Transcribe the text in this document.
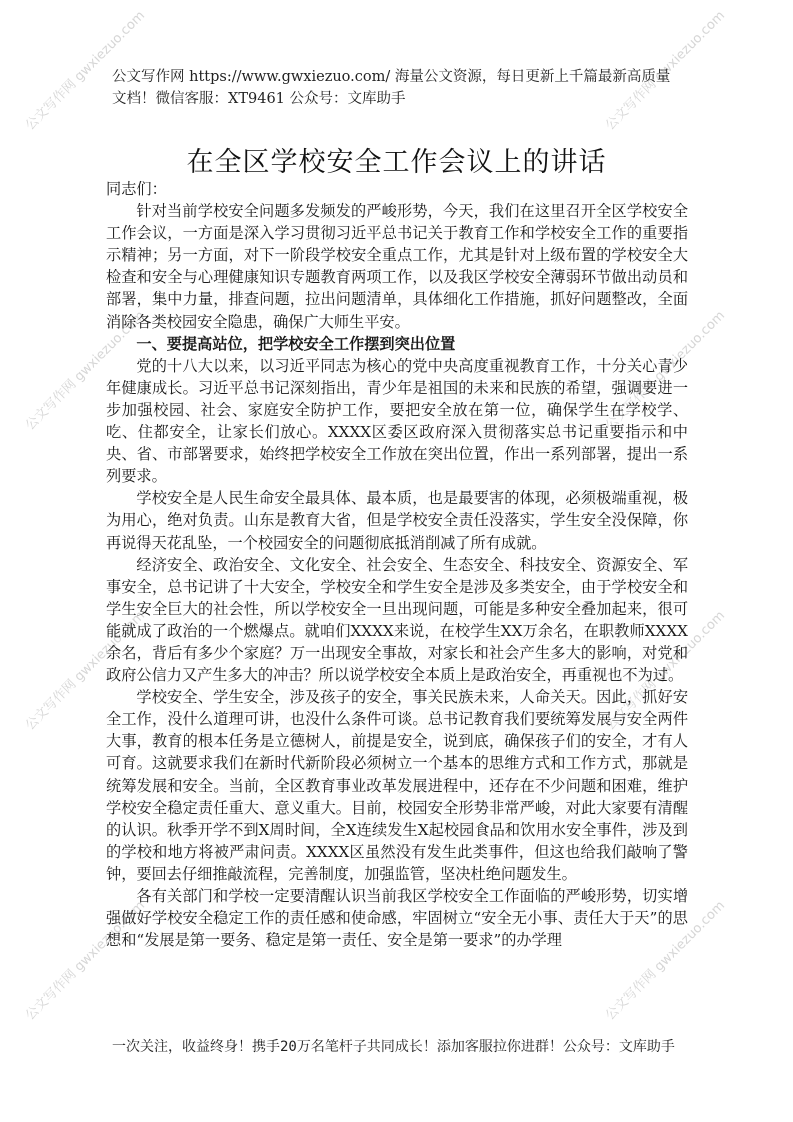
公文写作网 gwxiezuo.com	公文写作网 gwxiezuo.com
公文写作网 gwxiezuo.com	公文写作网 gwxiezuo.com
公文写作网 gwxiezuo.com	公文写作网 gwxiezuo.com
公文写作网 gwxiezuo.com	公文写作网 gwxiezuo.com
公文写作网 https://www.gwxiezuo.com/ 海量公文资源，每日更新上千篇最新高质量文档！微信客服：XT9461 公众号：文库助手
在全区学校安全工作会议上的讲话

同志们：

针对当前学校安全问题多发频发的严峻形势，今天，我们在这里召开全区学校安全工作会议，一方面是深入学习贯彻习近平总书记关于教育工作和学校安全工作的重要指示精神；另一方面，对下一阶段学校安全重点工作，尤其是针对上级布置的学校安全大检查和安全与心理健康知识专题教育两项工作，以及我区学校安全薄弱环节做出动员和部署，集中力量，排查问题，拉出问题清单，具体细化工作措施，抓好问题整改，全面消除各类校园安全隐患，确保广大师生平安。

一、要提高站位，把学校安全工作摆到突出位置

党的十八大以来，以习近平同志为核心的党中央高度重视教育工作，十分关心青少年健康成长。习近平总书记深刻指出，青少年是祖国的未来和民族的希望，强调要进一步加强校园、社会、家庭安全防护工作，要把安全放在第一位，确保学生在学校学、吃、住都安全，让家长们放心。XXXX区委区政府深入贯彻落实总书记重要指示和中央、省、市部署要求，始终把学校安全工作放在突出位置，作出一系列部署，提出一系列要求。

学校安全是人民生命安全最具体、最本质，也是最要害的体现，必须极端重视，极为用心，绝对负责。山东是教育大省，但是学校安全责任没落实，学生安全没保障，你再说得天花乱坠，一个校园安全的问题彻底抵消削减了所有成就。

经济安全、政治安全、文化安全、社会安全、生态安全、科技安全、资源安全、军事安全，总书记讲了十大安全，学校安全和学生安全是涉及多类安全，由于学校安全和学生安全巨大的社会性，所以学校安全一旦出现问题，可能是多种安全叠加起来，很可能就成了政治的一个燃爆点。就咱们XXXX来说，在校学生XX万余名，在职教师XXXX余名，背后有多少个家庭？万一出现安全事故，对家长和社会产生多大的影响，对党和政府公信力又产生多大的冲击？所以说学校安全本质上是政治安全，再重视也不为过。

学校安全、学生安全，涉及孩子的安全，事关民族未来，人命关天。因此，抓好安全工作，没什么道理可讲，也没什么条件可谈。总书记教育我们要统筹发展与安全两件大事，教育的根本任务是立德树人，前提是安全，说到底，确保孩子们的安全，才有人可育。这就要求我们在新时代新阶段必须树立一个基本的思维方式和工作方式，那就是统筹发展和安全。当前，全区教育事业改革发展进程中，还存在不少问题和困难，维护学校安全稳定责任重大、意义重大。目前，校园安全形势非常严峻，对此大家要有清醒的认识。秋季开学不到X周时间，全X连续发生X起校园食品和饮用水安全事件，涉及到的学校和地方将被严肃问责。XXXX区虽然没有发生此类事件，但这也给我们敲响了警钟，要回去仔细推敲流程，完善制度，加强监管，坚决杜绝问题发生。

各有关部门和学校一定要清醒认识当前我区学校安全工作面临的严峻形势，切实增强做好学校安全稳定工作的责任感和使命感，牢固树立“安全无小事、责任大于天”的思想和“发展是第一要务、稳定是第一责任、安全是第一要求”的办学理

一次关注，收益终身！携手20万名笔杆子共同成长！添加客服拉你进群！公众号：文库助手
